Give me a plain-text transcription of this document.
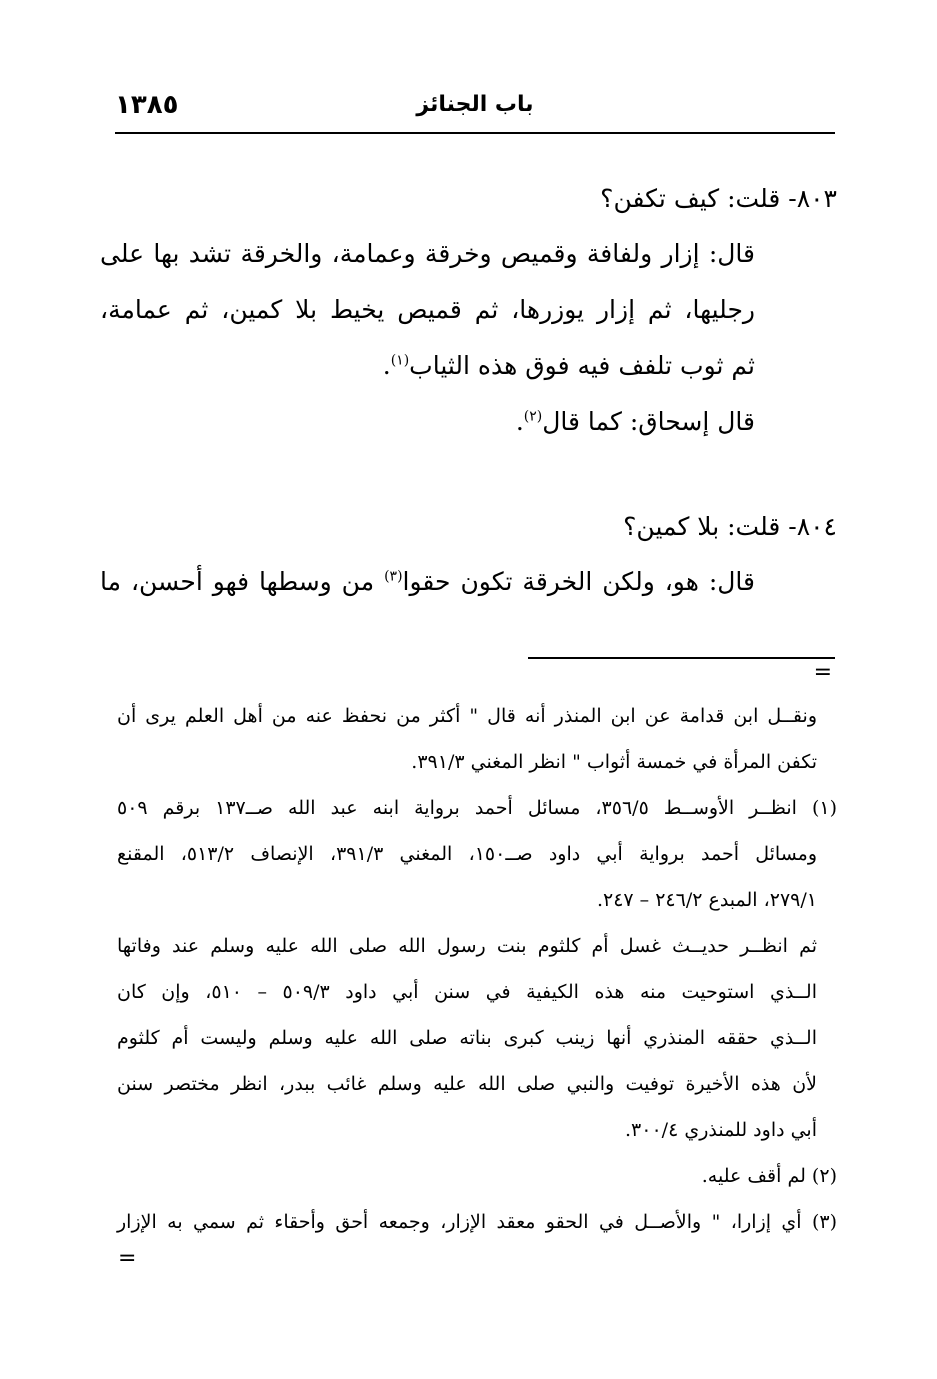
١٣٨٥	باب الجنائز

٨٠٣- قلت: كيف تكفن؟

قال: إزار ولفافة وقميص وخرقة وعمامة، والخرقة تشد بها على
رجليها، ثم إزار يوزرها، ثم قميص يخيط بلا كمين، ثم عمامة،
ثم ثوب تلفف فيه فوق هذه الثياب$^{(١)}$.

قال إسحاق: كما قال$^{(٢)}$.

٨٠٤- قلت: بلا كمين؟

قال: هو، ولكن الخرقة تكون حقوا$^{(٣)}$ من وسطها فهو أحسن، ما

=

ونقــل ابن قدامة عن ابن المنذر أنه قال " أكثر من نحفظ عنه من أهل العلم يرى أن
تكفن المرأة في خمسة أثواب " انظر المغني ٣٩١/٣.

(١) انظــر الأوســط ٣٥٦/٥، مسائل أحمد برواية ابنه عبد الله صــ١٣٧ برقم ٥٠٩
ومسائل أحمد برواية أبي داود صــ١٥٠، المغني ٣٩١/٣، الإنصاف ٥١٣/٢، المقنع
٢٧٩/١، المبدع ٢٤٦/٢ – ٢٤٧.
ثم انظــر حديــث غسل أم كلثوم بنت رسول الله صلى الله عليه وسلم عند وفاتها
الــذي استوحيت منه هذه الكيفية في سنن أبي داود ٥٠٩/٣ – ٥١٠، وإن كان
الــذي حققه المنذري أنها زينب كبرى بناته صلى الله عليه وسلم وليست أم كلثوم
لأن هذه الأخيرة توفيت والنبي صلى الله عليه وسلم غائب ببدر، انظر مختصر سنن
أبي داود للمنذري ٣٠٠/٤.

(٢) لم أقف عليه.

(٣) أي إزارا، " والأصــل في الحقو معقد الإزار، وجمعه أحق وأحقاء ثم سمي به الإزار

=
